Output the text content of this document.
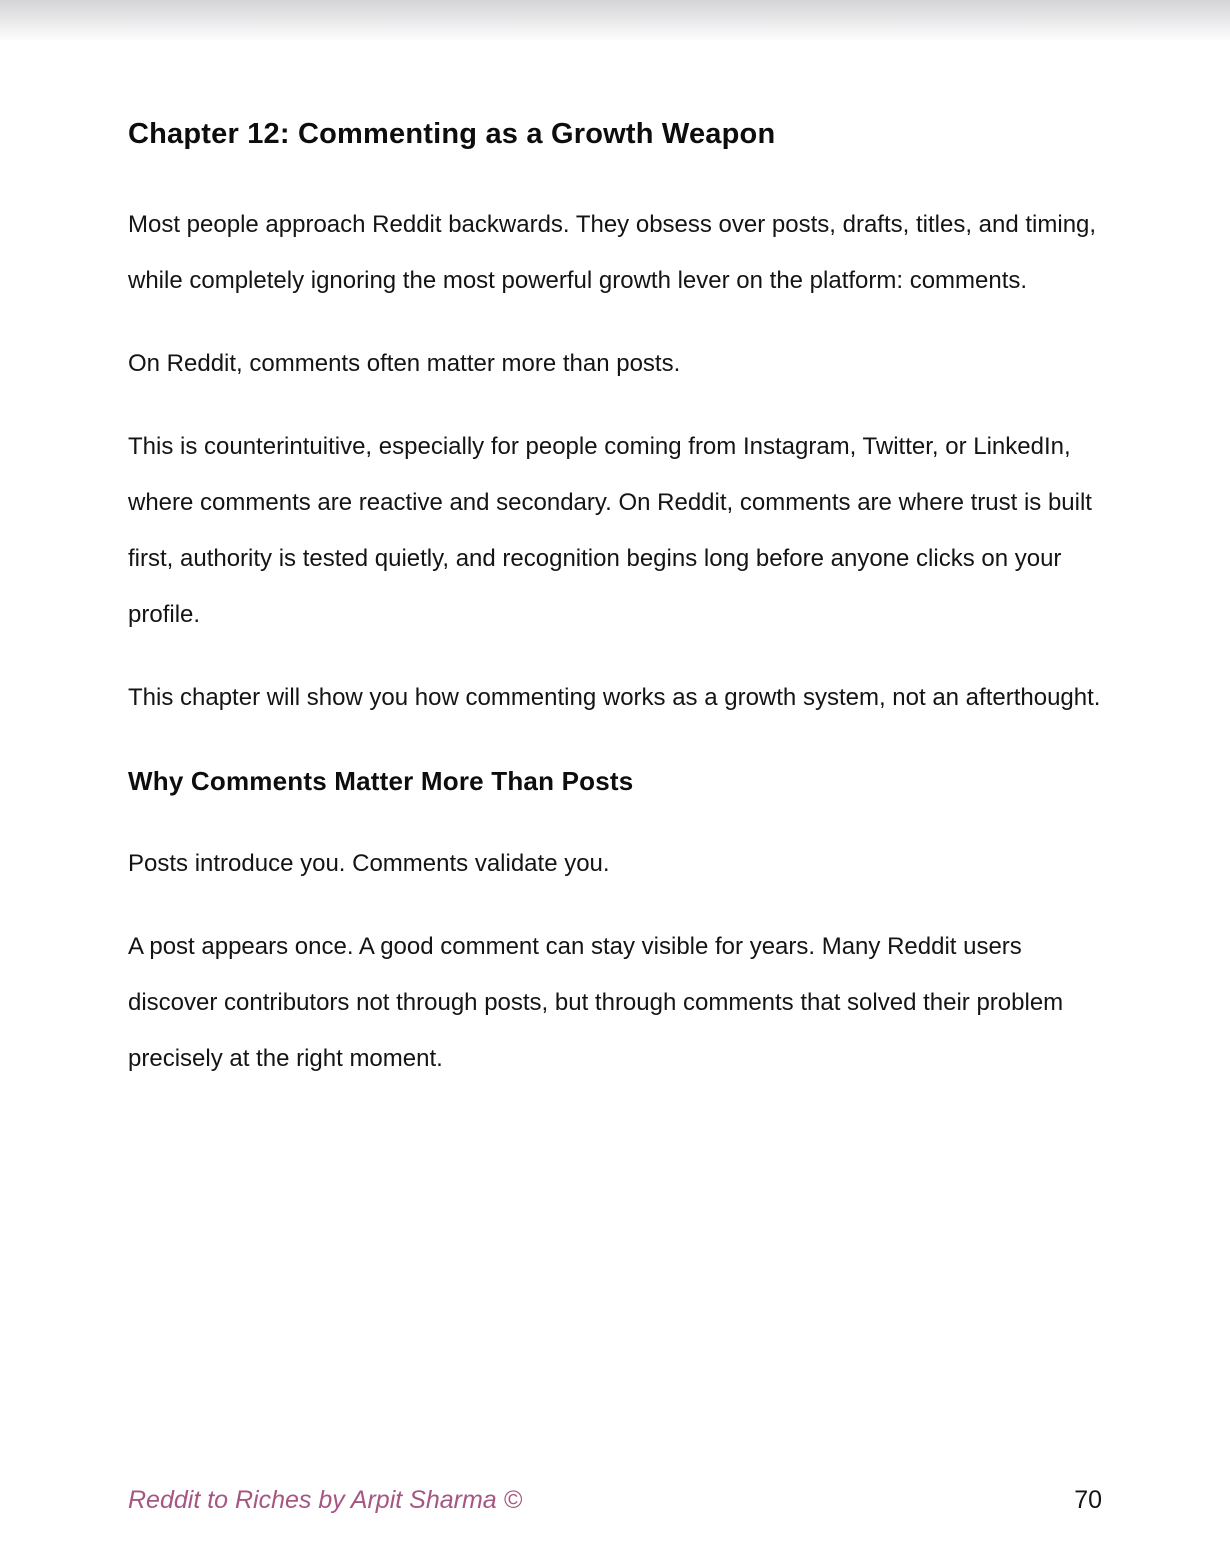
Chapter 12: Commenting as a Growth Weapon

Most people approach Reddit backwards. They obsess over posts, drafts, titles, and timing, while completely ignoring the most powerful growth lever on the platform: comments.

On Reddit, comments often matter more than posts.

This is counterintuitive, especially for people coming from Instagram, Twitter, or LinkedIn, where comments are reactive and secondary. On Reddit, comments are where trust is built first, authority is tested quietly, and recognition begins long before anyone clicks on your profile.

This chapter will show you how commenting works as a growth system, not an afterthought.

Why Comments Matter More Than Posts

Posts introduce you. Comments validate you.

A post appears once. A good comment can stay visible for years. Many Reddit users discover contributors not through posts, but through comments that solved their problem precisely at the right moment.

Reddit to Riches by Arpit Sharma ©	70
